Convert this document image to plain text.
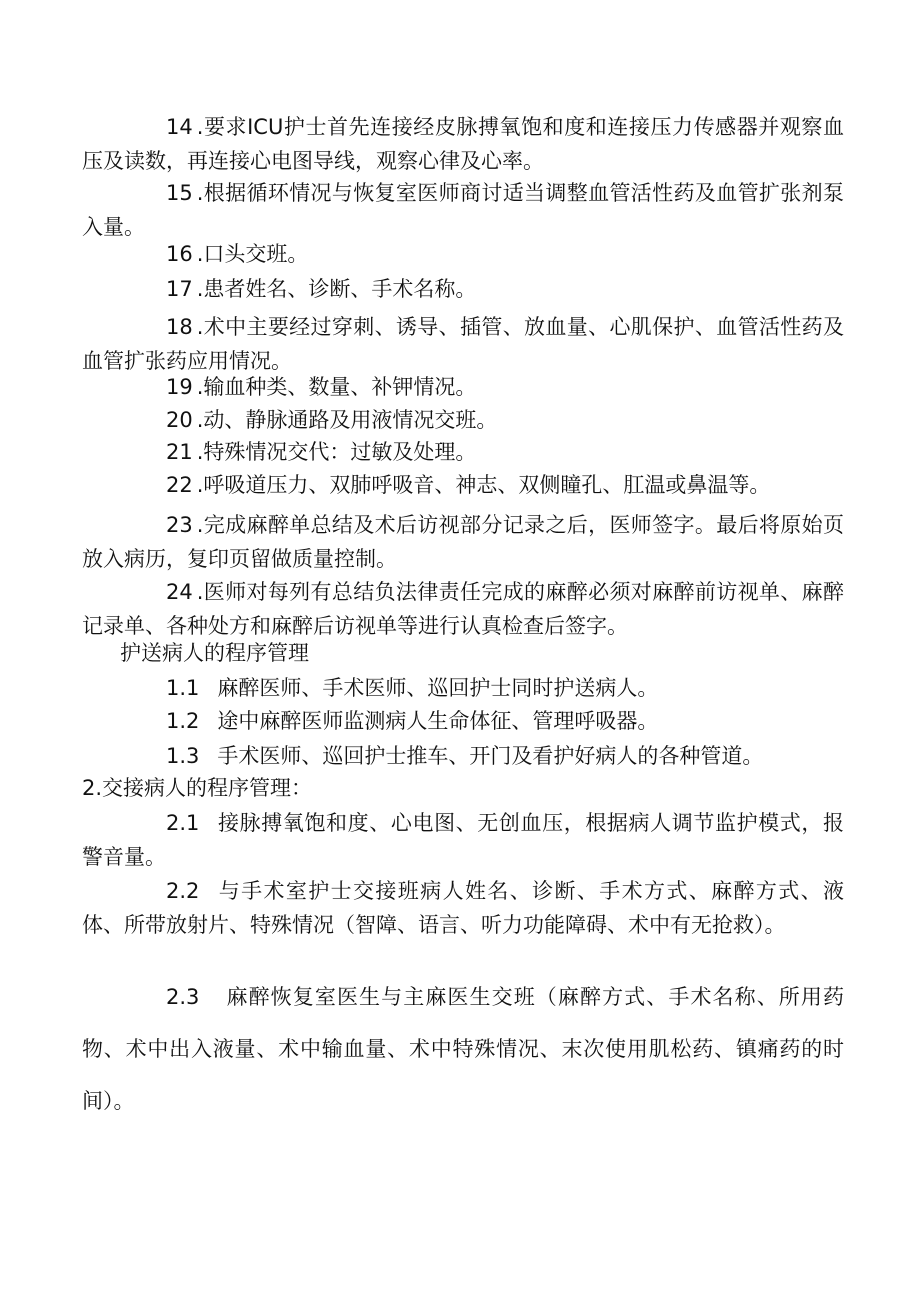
14 .要求ICU护士首先连接经皮脉搏氧饱和度和连接压力传感器并观察血压及读数，再连接心电图导线，观察心律及心率。

15 .根据循环情况与恢复室医师商讨适当调整血管活性药及血管扩张剂泵入量。

16 .口头交班。

17 .患者姓名、诊断、手术名称。

18 .术中主要经过穿刺、诱导、插管、放血量、心肌保护、血管活性药及血管扩张药应用情况。

19 .输血种类、数量、补钾情况。

20 .动、静脉通路及用液情况交班。

21 .特殊情况交代：过敏及处理。

22 .呼吸道压力、双肺呼吸音、神志、双侧瞳孔、肛温或鼻温等。

23 .完成麻醉单总结及术后访视部分记录之后，医师签字。最后将原始页放入病历，复印页留做质量控制。

24 .医师对每列有总结负法律责任完成的麻醉必须对麻醉前访视单、麻醉记录单、各种处方和麻醉后访视单等进行认真检查后签字。

护送病人的程序管理

1.1 麻醉医师、手术医师、巡回护士同时护送病人。

1.2 途中麻醉医师监测病人生命体征、管理呼吸器。

1.3 手术医师、巡回护士推车、开门及看护好病人的各种管道。

2.交接病人的程序管理：

2.1 接脉搏氧饱和度、心电图、无创血压，根据病人调节监护模式，报警音量。

2.2 与手术室护士交接班病人姓名、诊断、手术方式、麻醉方式、液体、所带放射片、特殊情况（智障、语言、听力功能障碍、术中有无抢救）。

2.3 麻醉恢复室医生与主麻医生交班（麻醉方式、手术名称、所用药物、术中出入液量、术中输血量、术中特殊情况、末次使用肌松药、镇痛药的时间）。
